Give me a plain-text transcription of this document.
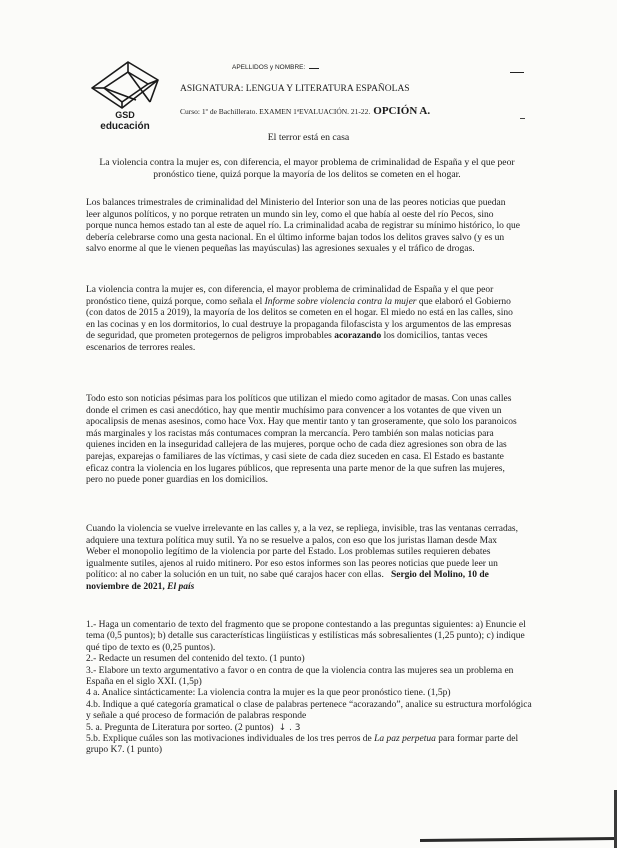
GSD
educación
APELLIDOS y NOMBRE:
ASIGNATURA: LENGUA Y LITERATURA ESPAÑOLAS
Curso: 1º de Bachillerato. EXAMEN 1ªEVALUACIÓN. 21-22. OPCIÓN A.
El terror está en casa

La violencia contra la mujer es, con diferencia, el mayor problema de criminalidad de España y el que peor pronóstico tiene, quizá porque la mayoría de los delitos se cometen en el hogar.

Los balances trimestrales de criminalidad del Ministerio del Interior son una de las peores noticias que puedan leer algunos políticos, y no porque retraten un mundo sin ley, como el que había al oeste del río Pecos, sino porque nunca hemos estado tan al este de aquel río. La criminalidad acaba de registrar su mínimo histórico, lo que debería celebrarse como una gesta nacional. En el último informe bajan todos los delitos graves salvo (y es un salvo enorme al que le vienen pequeñas las mayúsculas) las agresiones sexuales y el tráfico de drogas.

La violencia contra la mujer es, con diferencia, el mayor problema de criminalidad de España y el que peor pronóstico tiene, quizá porque, como señala el Informe sobre violencia contra la mujer que elaboró el Gobierno (con datos de 2015 a 2019), la mayoría de los delitos se cometen en el hogar. El miedo no está en las calles, sino en las cocinas y en los dormitorios, lo cual destruye la propaganda filofascista y los argumentos de las empresas de seguridad, que prometen protegernos de peligros improbables acorazando los domicilios, tantas veces escenarios de terrores reales.

Todo esto son noticias pésimas para los políticos que utilizan el miedo como agitador de masas. Con unas calles donde el crimen es casi anecdótico, hay que mentir muchísimo para convencer a los votantes de que viven un apocalipsis de menas asesinos, como hace Vox. Hay que mentir tanto y tan groseramente, que solo los paranoicos más marginales y los racistas más contumaces compran la mercancía. Pero también son malas noticias para quienes inciden en la inseguridad callejera de las mujeres, porque ocho de cada diez agresiones son obra de las parejas, exparejas o familiares de las víctimas, y casi siete de cada diez suceden en casa. El Estado es bastante eficaz contra la violencia en los lugares públicos, que representa una parte menor de la que sufren las mujeres, pero no puede poner guardias en los domicilios.

Cuando la violencia se vuelve irrelevante en las calles y, a la vez, se repliega, invisible, tras las ventanas cerradas, adquiere una textura política muy sutil. Ya no se resuelve a palos, con eso que los juristas llaman desde Max Weber el monopolio legítimo de la violencia por parte del Estado. Los problemas sutiles requieren debates igualmente sutiles, ajenos al ruido mitinero. Por eso estos informes son las peores noticias que puede leer un político: al no caber la solución en un tuit, no sabe qué carajos hacer con ellas. Sergio del Molino, 10 de noviembre de 2021, El país

1.- Haga un comentario de texto del fragmento que se propone contestando a las preguntas siguientes: a) Enuncie el tema (0,5 puntos); b) detalle sus características lingüísticas y estilísticas más sobresalientes (1,25 punto); c) indique qué tipo de texto es (0,25 puntos).
2.- Redacte un resumen del contenido del texto. (1 punto)
3.- Elabore un texto argumentativo a favor o en contra de que la violencia contra las mujeres sea un problema en España en el siglo XXI. (1,5p)
4 a. Analice sintácticamente: La violencia contra la mujer es la que peor pronóstico tiene. (1,5p)
4.b. Indique a qué categoría gramatical o clase de palabras pertenece “acorazando”, analice su estructura morfológica y señale a qué proceso de formación de palabras responde
5. a. Pregunta de Literatura por sorteo. (2 puntos) ↓ . 3
5.b. Explique cuáles son las motivaciones individuales de los tres perros de La paz perpetua para formar parte del grupo K7. (1 punto)
